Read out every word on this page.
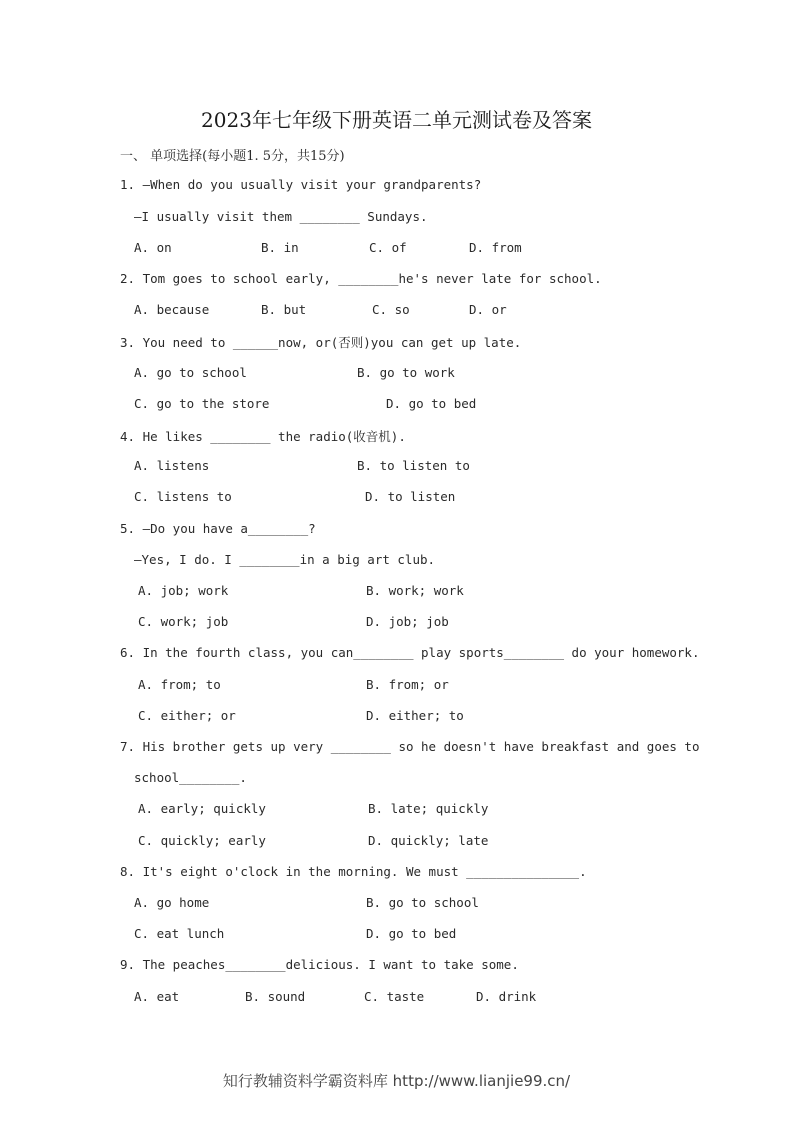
2023年七年级下册英语二单元测试卷及答案
一、 单项选择(每小题1. 5分，共15分)
1. —When do you usually visit your grandparents?
—I usually visit them ________ Sundays.
A. on	B. in	C. of	D. from
2. Tom goes to school early, ________he's never late for school.
A. because	B. but	C. so	D. or
3. You need to ______now, or(否则)you can get up late.
A. go to school	B. go to work
C. go to the store	D. go to bed
4. He likes ________ the radio(收音机).
A. listens	B. to listen to
C. listens to	D. to listen
5. —Do you have a________?
—Yes, I do. I ________in a big art club.
A. job; work	B. work; work
C. work; job	D. job; job
6. In the fourth class, you can________ play sports________ do your homework.
A. from; to	B. from; or
C. either; or	D. either; to
7. His brother gets up very ________ so he doesn't have breakfast and goes to
school________.
A. early; quickly	B. late; quickly
C. quickly; early	D. quickly; late
8. It's eight o'clock in the morning. We must _______________.
A. go home	B. go to school
C. eat lunch	D. go to bed
9. The peaches________delicious. I want to take some.
A. eat	B. sound	C. taste	D. drink
知行教辅资料学霸资料库 http://www.lianjie99.cn/
